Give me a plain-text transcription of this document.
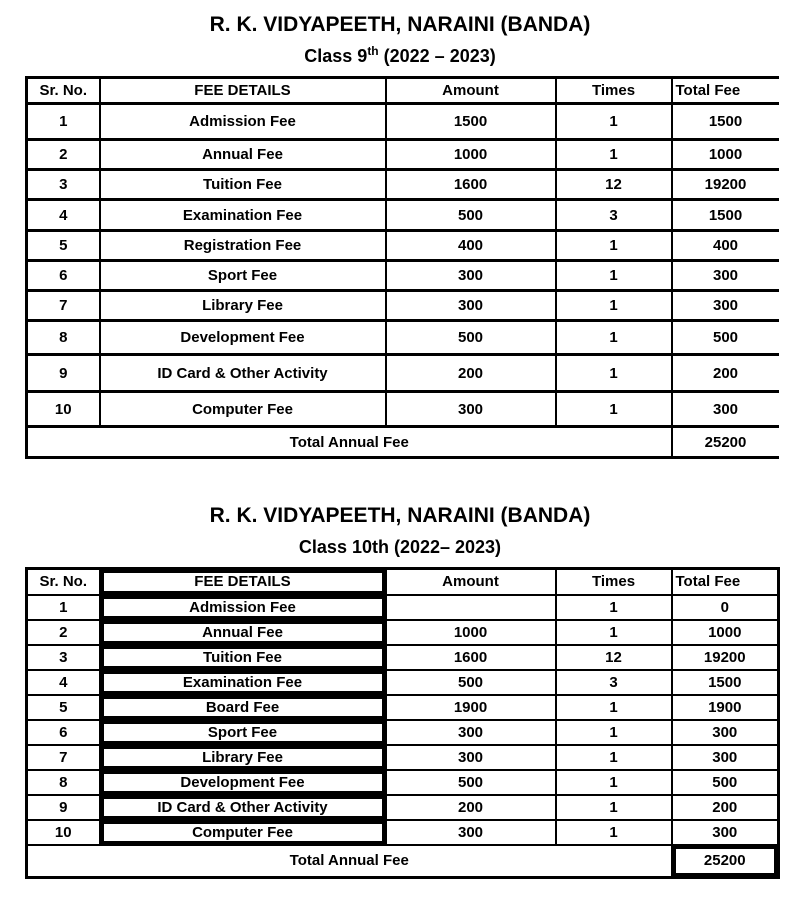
R. K. VIDYAPEETH, NARAINI (BANDA)
Class 9th (2022 – 2023)
Sr. No.	FEE DETAILS	Amount	Times	Total Fee
1	Admission Fee	1500	1	1500
2	Annual Fee	1000	1	1000
3	Tuition Fee	1600	12	19200
4	Examination Fee	500	3	1500
5	Registration Fee	400	1	400
6	Sport Fee	300	1	300
7	Library Fee	300	1	300
8	Development Fee	500	1	500
9	ID Card & Other Activity	200	1	200
10	Computer Fee	300	1	300
Total Annual Fee				25200
R. K. VIDYAPEETH, NARAINI (BANDA)
Class 10th (2022– 2023)
Sr. No.	FEE DETAILS	Amount	Times	Total Fee
1	Admission Fee		1	0
2	Annual Fee	1000	1	1000
3	Tuition Fee	1600	12	19200
4	Examination Fee	500	3	1500
5	Board Fee	1900	1	1900
6	Sport Fee	300	1	300
7	Library Fee	300	1	300
8	Development Fee	500	1	500
9	ID Card & Other Activity	200	1	200
10	Computer Fee	300	1	300
Total Annual Fee				25200
